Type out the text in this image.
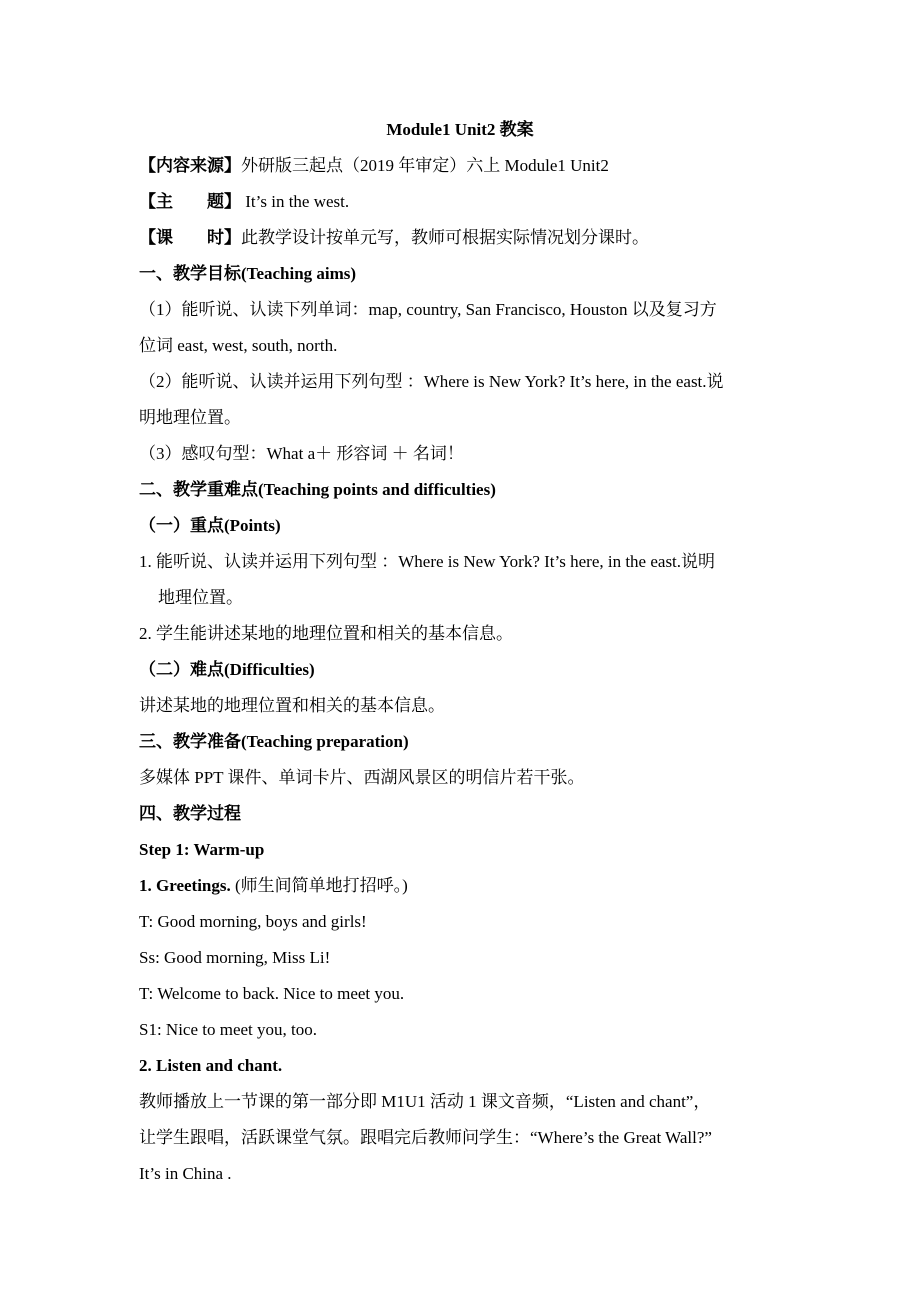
Module1 Unit2 教案
【内容来源】外研版三起点（2019 年审定）六上 Module1 Unit2
【主　　题】 It’s in the west.
【课　　时】此教学设计按单元写，教师可根据实际情况划分课时。
一、教学目标(Teaching aims)
（1）能听说、认读下列单词：map, country, San Francisco, Houston 以及复习方
位词 east, west, south, north.
（2）能听说、认读并运用下列句型 ：Where is New York? It’s here, in the east.说
明地理位置。
（3）感叹句型：What a＋ 形容词 ＋ 名词！
二、教学重难点(Teaching points and difficulties)
（一）重点(Points)
1. 能听说、认读并运用下列句型 ：Where is New York? It’s here, in the east.说明
地理位置。
2. 学生能讲述某地的地理位置和相关的基本信息。
（二）难点(Difficulties)
讲述某地的地理位置和相关的基本信息。
三、教学准备(Teaching preparation)
多媒体 PPT 课件、单词卡片、西湖风景区的明信片若干张。
四、教学过程
Step 1: Warm-up
1. Greetings. (师生间简单地打招呼。)
T: Good morning, boys and girls!
Ss: Good morning, Miss Li!
T: Welcome to back. Nice to meet you.
S1: Nice to meet you, too.
2. Listen and chant.
教师播放上一节课的第一部分即 M1U1 活动 1 课文音频，“Listen and chant”，
让学生跟唱，活跃课堂气氛。跟唱完后教师问学生：“Where’s the Great Wall?”
It’s in China .
